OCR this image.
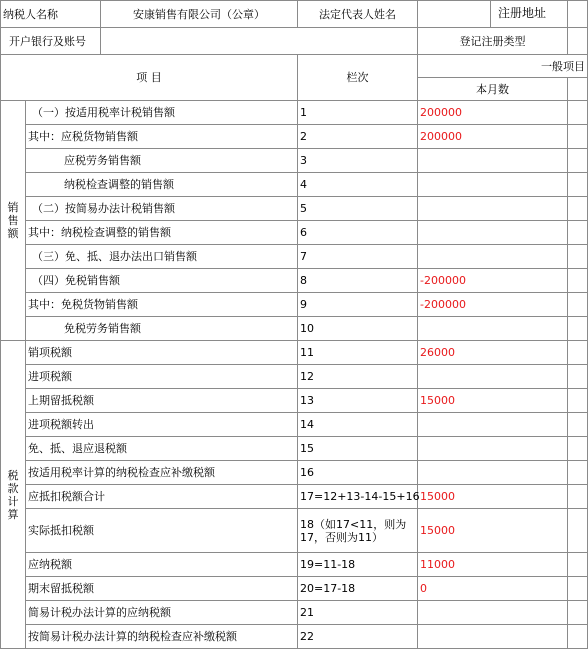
纳税人名称		安康销售有限公司（公章）	法定代表人姓名			注册地址

开户银行及账号				登记注册类型		
项 目			栏次	一般项目		
				本月数		

销售额	（一）按适用税率计税销售额		1	200000		
	其中：应税货物销售额		2	200000		
	应税劳务销售额		3			
	纳税检查调整的销售额		4			
	（二）按简易办法计税销售额		5			
	其中：纳税检查调整的销售额		6			
	（三）免、抵、退办法出口销售额		7			
	（四）免税销售额		8	-200000		
	其中：免税货物销售额		9	-200000		
	免税劳务销售额		10			

税款计算	销项税额		11	26000		
	进项税额		12			
	上期留抵税额		13	15000		
	进项税额转出		14			
	免、抵、退应退税额		15			
	按适用税率计算的纳税检查应补缴税额		16			
	应抵扣税额合计		17=12+13-14-15+16	15000		
	实际抵扣税额		18（如17<11，则为17，否则为11）	15000		
	应纳税额		19=11-18	11000		
	期末留抵税额		20=17-18	0		
	简易计税办法计算的应纳税额		21			
	按简易计税办法计算的纳税检查应补缴税额		22			
